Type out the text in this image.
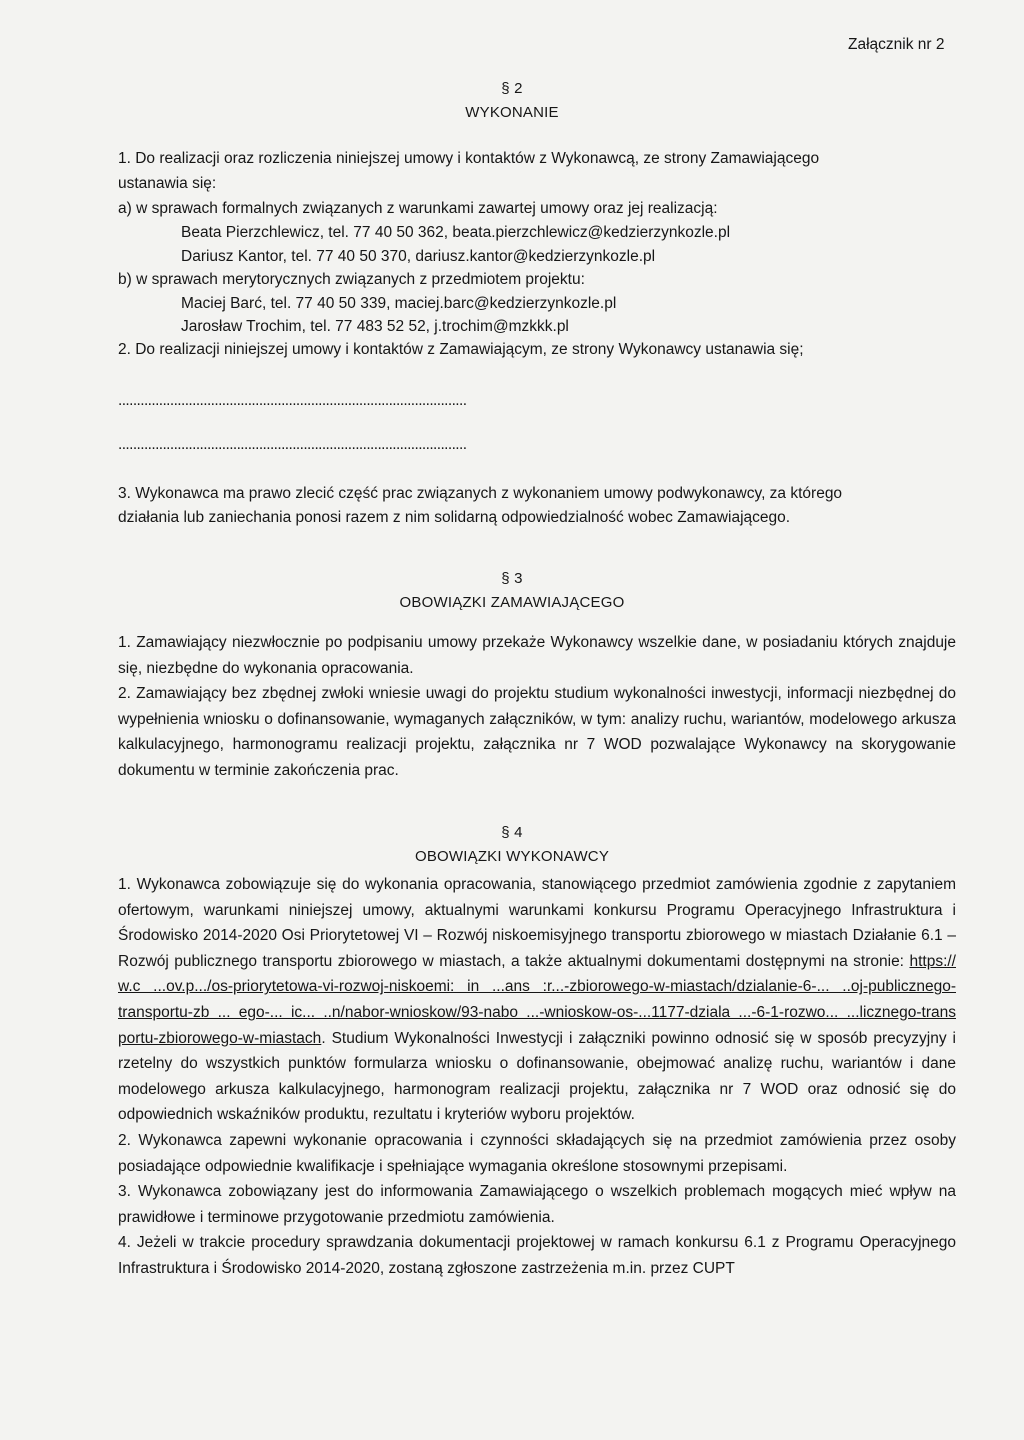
Załącznik nr 2
§ 2
WYKONANIE
1. Do realizacji oraz rozliczenia niniejszej umowy i kontaktów z Wykonawcą, ze strony Zamawiającego
ustanawia się:
a) w sprawach formalnych związanych z warunkami zawartej umowy oraz jej realizacją:
Beata Pierzchlewicz, tel. 77 40 50 362, beata.pierzchlewicz@kedzierzynkozle.pl
Dariusz Kantor, tel. 77 40 50 370, dariusz.kantor@kedzierzynkozle.pl
b) w sprawach merytorycznych związanych z przedmiotem projektu:
Maciej Barć, tel. 77 40 50 339, maciej.barc@kedzierzynkozle.pl
Jarosław Trochim, tel. 77 483 52 52, j.trochim@mzkkk.pl
2. Do realizacji niniejszej umowy i kontaktów z Zamawiającym, ze strony Wykonawcy ustanawia się;
..............................................................................................
..............................................................................................
3. Wykonawca ma prawo zlecić część prac związanych z wykonaniem umowy podwykonawcy, za którego
działania lub zaniechania ponosi razem z nim solidarną odpowiedzialność wobec Zamawiającego.
§ 3
OBOWIĄZKI ZAMAWIAJĄCEGO

1. Zamawiający niezwłocznie po podpisaniu umowy przekaże Wykonawcy wszelkie dane, w posiadaniu których znajduje się, niezbędne do wykonania opracowania.

2. Zamawiający bez zbędnej zwłoki wniesie uwagi do projektu studium wykonalności inwestycji, informacji niezbędnej do wypełnienia wniosku o dofinansowanie, wymaganych załączników, w tym: analizy ruchu, wariantów, modelowego arkusza kalkulacyjnego, harmonogramu realizacji projektu, załącznika nr 7 WOD pozwalające Wykonawcy na skorygowanie dokumentu w terminie zakończenia prac.

§ 4
OBOWIĄZKI WYKONAWCY

1. Wykonawca zobowiązuje się do wykonania opracowania, stanowiącego przedmiot zamówienia zgodnie z zapytaniem ofertowym, warunkami niniejszej umowy, aktualnymi warunkami konkursu Programu Operacyjnego Infrastruktura i Środowisko 2014-2020 Osi Priorytetowej VI – Rozwój niskoemisyjnego transportu zbiorowego w miastach Działanie 6.1 – Rozwój publicznego transportu zbiorowego w miastach, a także aktualnymi dokumentami dostępnymi na stronie: https:// w.c ...ov.p.../os-priorytetowa-vi-rozwoj-niskoemi: in ...ans :r...-zbiorowego-w-miastach/dzialanie-6-... ..oj-publicznego-transportu-zb ... ego-... ic... ..n/nabor-wnioskow/93-nabo ...-wnioskow-os-...1177-dziala ...-6-1-rozwo... ...licznego-trans portu-zbiorowego-w-miastach. Studium Wykonalności Inwestycji i załączniki powinno odnosić się w sposób precyzyjny i rzetelny do wszystkich punktów formularza wniosku o dofinansowanie, obejmować analizę ruchu, wariantów i dane modelowego arkusza kalkulacyjnego, harmonogram realizacji projektu, załącznika nr 7 WOD oraz odnosić się do odpowiednich wskaźników produktu, rezultatu i kryteriów wyboru projektów.

2. Wykonawca zapewni wykonanie opracowania i czynności składających się na przedmiot zamówienia przez osoby posiadające odpowiednie kwalifikacje i spełniające wymagania określone stosownymi przepisami.

3. Wykonawca zobowiązany jest do informowania Zamawiającego o wszelkich problemach mogących mieć wpływ na prawidłowe i terminowe przygotowanie przedmiotu zamówienia.

4. Jeżeli w trakcie procedury sprawdzania dokumentacji projektowej w ramach konkursu 6.1 z Programu Operacyjnego Infrastruktura i Środowisko 2014-2020, zostaną zgłoszone zastrzeżenia m.in. przez CUPT
